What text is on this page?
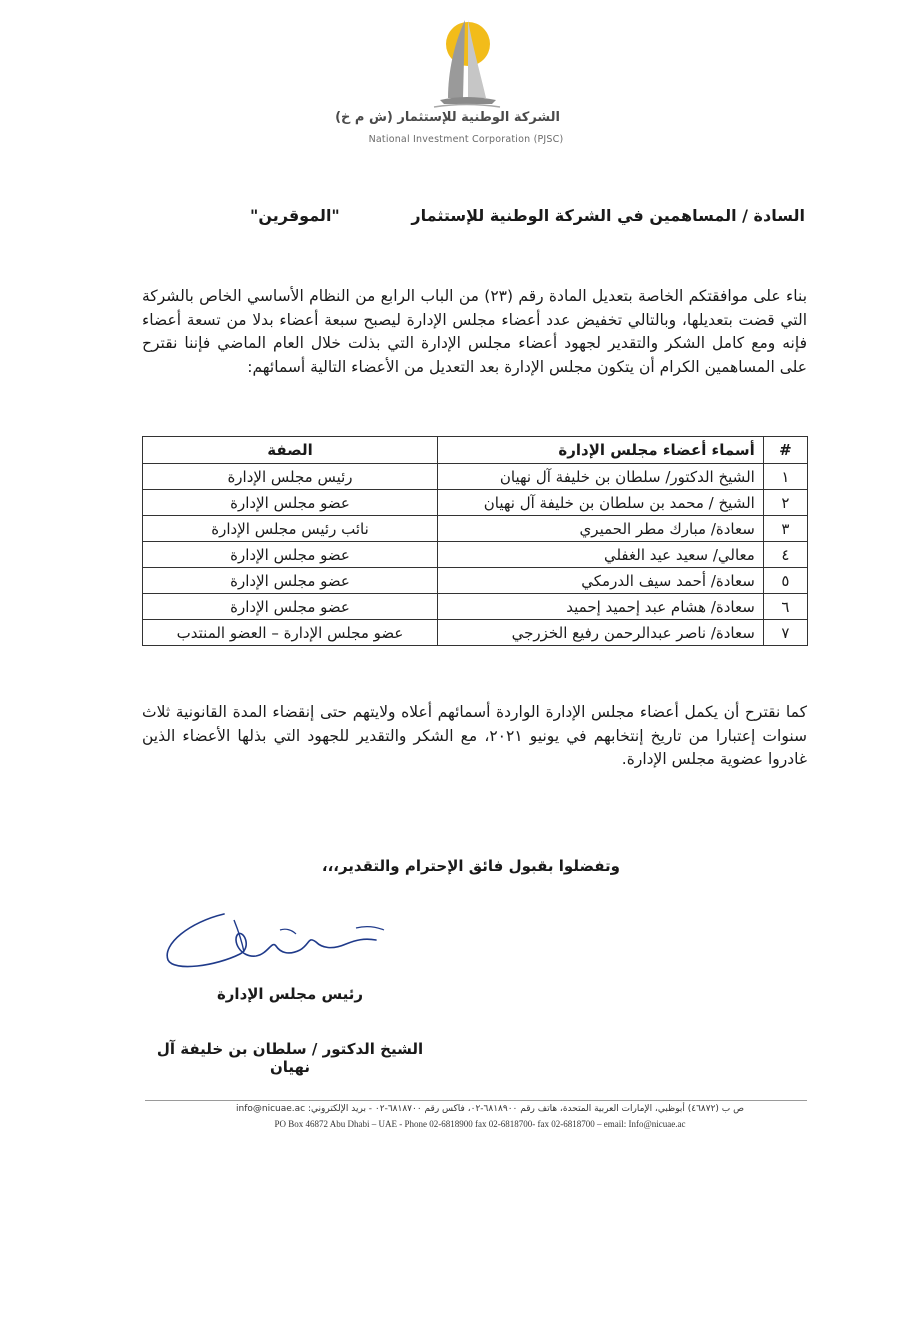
الشركة الوطنية للإستثمار (ش م خ)
National Investment Corporation (PJSC)
السادة / المساهمين في الشركة الوطنية للإستثمار
"الموقرين"
بناء على موافقتكم الخاصة بتعديل المادة رقم (٢٣) من الباب الرابع من النظام الأساسي الخاص بالشركة التي قضت بتعديلها، وبالتالي تخفيض عدد أعضاء مجلس الإدارة ليصبح سبعة أعضاء بدلا من تسعة أعضاء فإنه ومع كامل الشكر والتقدير لجهود أعضاء مجلس الإدارة التي بذلت خلال العام الماضي فإننا نقترح على المساهمين الكرام أن يتكون مجلس الإدارة بعد التعديل من الأعضاء التالية أسمائهم:
#	أسماء أعضاء مجلس الإدارة	الصفة
١	الشيخ الدكتور/ سلطان بن خليفة آل نهيان	رئيس مجلس الإدارة
٢	الشيخ / محمد بن سلطان بن خليفة آل نهيان	عضو مجلس الإدارة
٣	سعادة/ مبارك مطر الحميري	نائب رئيس مجلس الإدارة
٤	معالي/ سعيد عيد الغفلي	عضو مجلس الإدارة
٥	سعادة/ أحمد سيف الدرمكي	عضو مجلس الإدارة
٦	سعادة/ هشام عبد إحميد إحميد	عضو مجلس الإدارة
٧	سعادة/ ناصر عبدالرحمن رفيع الخزرجي	عضو مجلس الإدارة – العضو المنتدب
كما نقترح أن يكمل أعضاء مجلس الإدارة الواردة أسمائهم أعلاه ولايتهم حتى إنقضاء المدة القانونية ثلاث سنوات إعتبارا من تاريخ إنتخابهم في يونيو ٢٠٢١، مع الشكر والتقدير للجهود التي بذلها الأعضاء الذين غادروا عضوية مجلس الإدارة.
وتفضلوا بقبول فائق الإحترام والتقدير،،،
رئيس مجلس الإدارة
الشيخ الدكتور / سلطان بن خليفة آل نهيان
ص ب (٤٦٨٧٢) أبوظبي، الإمارات العربية المتحدة، هاتف رقم ٦٨١٨٩٠٠-٠٢، فاكس رقم ٦٨١٨٧٠٠-٠٢ - بريد الإلكتروني: info@nicuae.ac
PO Box 46872 Abu Dhabi – UAE - Phone 02-6818900 fax 02-6818700- fax 02-6818700 – email: Info@nicuae.ac
